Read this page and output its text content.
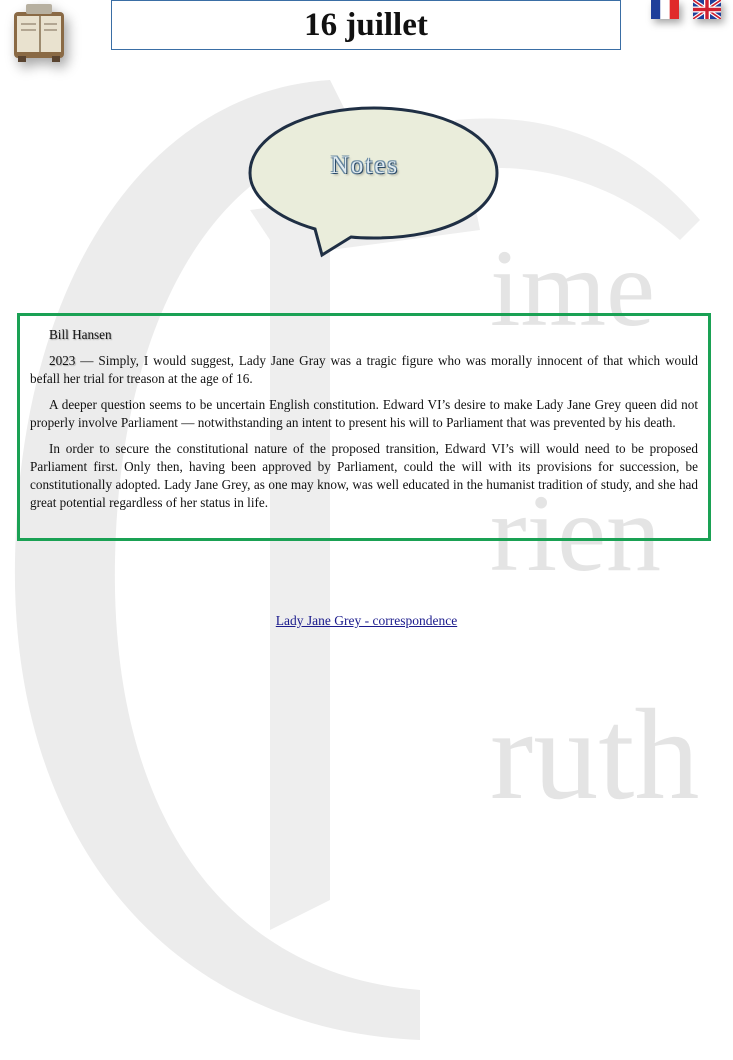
ime
rien
ruth
16 juillet
Notes

Bill Hansen

2023 — Simply, I would suggest, Lady Jane Gray was a tragic figure who was morally innocent of that which would befall her trial for treason at the age of 16.

A deeper question seems to be uncertain English constitution. Edward VI’s desire to make Lady Jane Grey queen did not properly involve Parliament — notwithstanding an intent to present his will to Parliament that was prevented by his death.

In order to secure the constitutional nature of the proposed transition, Edward VI’s will would need to be proposed Parliament first. Only then, having been approved by Parliament, could the will with its provisions for succession, be constitutionally adopted. Lady Jane Grey, as one may know, was well educated in the humanist tradition of study, and she had great potential regardless of her status in life.

Lady Jane Grey - correspondence
